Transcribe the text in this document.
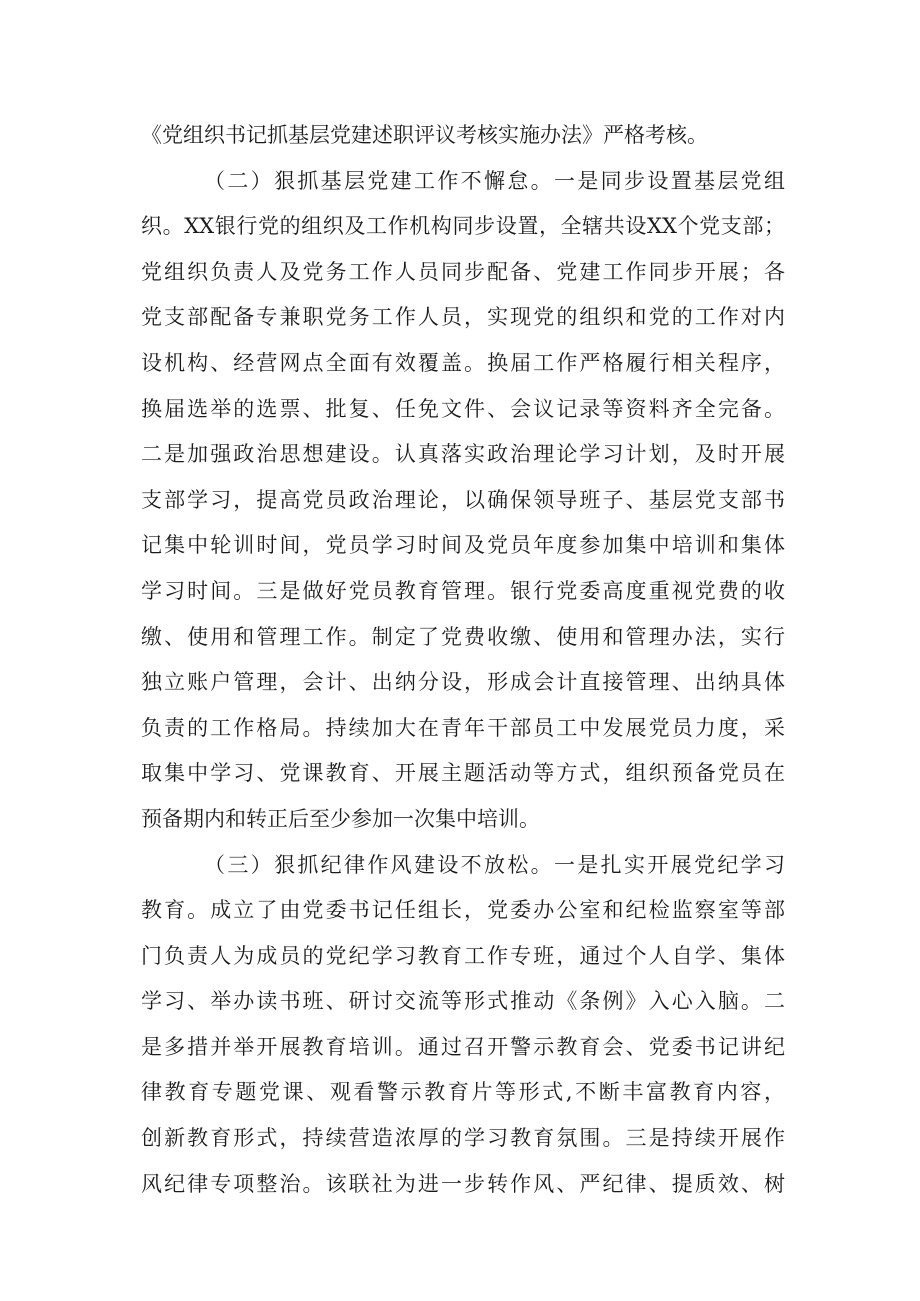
《党组织书记抓基层党建述职评议考核实施办法》严格考核。
（二）狠抓基层党建工作不懈怠。一是同步设置基层党组
织。XX银行党的组织及工作机构同步设置，全辖共设XX个党支部；
党组织负责人及党务工作人员同步配备、党建工作同步开展；各
党支部配备专兼职党务工作人员，实现党的组织和党的工作对内
设机构、经营网点全面有效覆盖。换届工作严格履行相关程序，
换届选举的选票、批复、任免文件、会议记录等资料齐全完备。
二是加强政治思想建设。认真落实政治理论学习计划，及时开展
支部学习，提高党员政治理论，以确保领导班子、基层党支部书
记集中轮训时间，党员学习时间及党员年度参加集中培训和集体
学习时间。三是做好党员教育管理。银行党委高度重视党费的收
缴、使用和管理工作。制定了党费收缴、使用和管理办法，实行
独立账户管理，会计、出纳分设，形成会计直接管理、出纳具体
负责的工作格局。持续加大在青年干部员工中发展党员力度，采
取集中学习、党课教育、开展主题活动等方式，组织预备党员在
预备期内和转正后至少参加一次集中培训。
（三）狠抓纪律作风建设不放松。一是扎实开展党纪学习
教育。成立了由党委书记任组长，党委办公室和纪检监察室等部
门负责人为成员的党纪学习教育工作专班，通过个人自学、集体
学习、举办读书班、研讨交流等形式推动《条例》入心入脑。二
是多措并举开展教育培训。通过召开警示教育会、党委书记讲纪
律教育专题党课、观看警示教育片等形式,不断丰富教育内容，
创新教育形式，持续营造浓厚的学习教育氛围。三是持续开展作
风纪律专项整治。该联社为进一步转作风、严纪律、提质效、树
